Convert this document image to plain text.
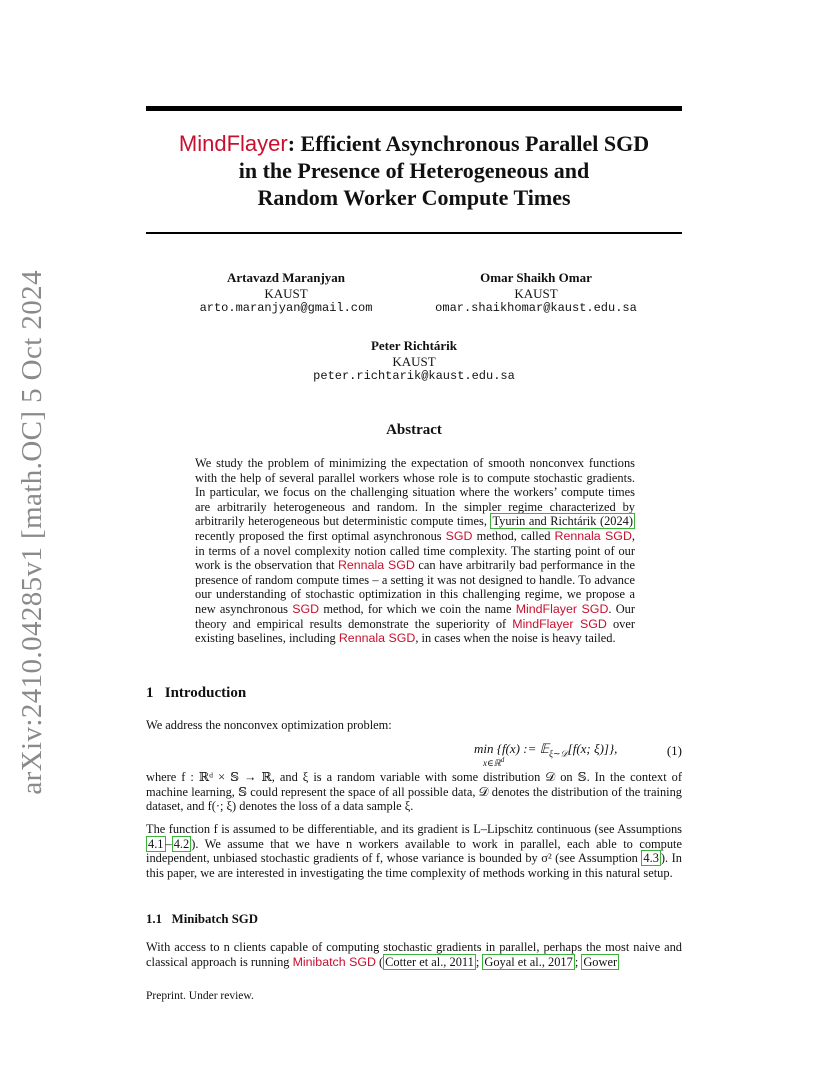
arXiv:2410.04285v1 [math.OC] 5 Oct 2024
MindFlayer: Efficient Asynchronous Parallel SGD
in the Presence of Heterogeneous and
Random Worker Compute Times
Artavazd Maranjyan
KAUST
arto.maranjyan@gmail.com
Omar Shaikh Omar
KAUST
omar.shaikhomar@kaust.edu.sa
Peter Richtárik
KAUST
peter.richtarik@kaust.edu.sa
Abstract
We study the problem of minimizing the expectation of smooth nonconvex functions with the help of several parallel workers whose role is to compute stochastic gradients. In particular, we focus on the challenging situation where the workers’ compute times are arbitrarily heterogeneous and random. In the simpler regime characterized by arbitrarily heterogeneous but deterministic compute times, Tyurin and Richtárik (2024) recently proposed the first optimal asynchronous SGD method, called Rennala SGD, in terms of a novel complexity notion called time complexity. The starting point of our work is the observation that Rennala SGD can have arbitrarily bad performance in the presence of random compute times – a setting it was not designed to handle. To advance our understanding of stochastic optimization in this challenging regime, we propose a new asynchronous SGD method, for which we coin the name MindFlayer SGD. Our theory and empirical results demonstrate the superiority of MindFlayer SGD over existing baselines, including Rennala SGD, in cases when the noise is heavy tailed.
1 Introduction
We address the nonconvex optimization problem:
min {f(x) := 𝔼$_{\xi\sim 𝒟}$[f(x; ξ)]},
x∈ℝ$^d$
(1)
where f : ℝᵈ × 𝕊 → ℝ, and ξ is a random variable with some distribution 𝒟 on 𝕊. In the context of machine learning, 𝕊 could represent the space of all possible data, 𝒟 denotes the distribution of the training dataset, and f(·; ξ) denotes the loss of a data sample ξ.
The function f is assumed to be differentiable, and its gradient is L–Lipschitz continuous (see Assumptions 4.1 – 4.2 ). We assume that we have n workers available to work in parallel, each able to compute independent, unbiased stochastic gradients of f, whose variance is bounded by σ² (see Assumption 4.3 ). In this paper, we are interested in investigating the time complexity of methods working in this natural setup.
1.1 Minibatch SGD
With access to n clients capable of computing stochastic gradients in parallel, perhaps the most naive and classical approach is running Minibatch SGD ( Cotter et al., 2011 ; Goyal et al., 2017 ; Gower
Preprint. Under review.
